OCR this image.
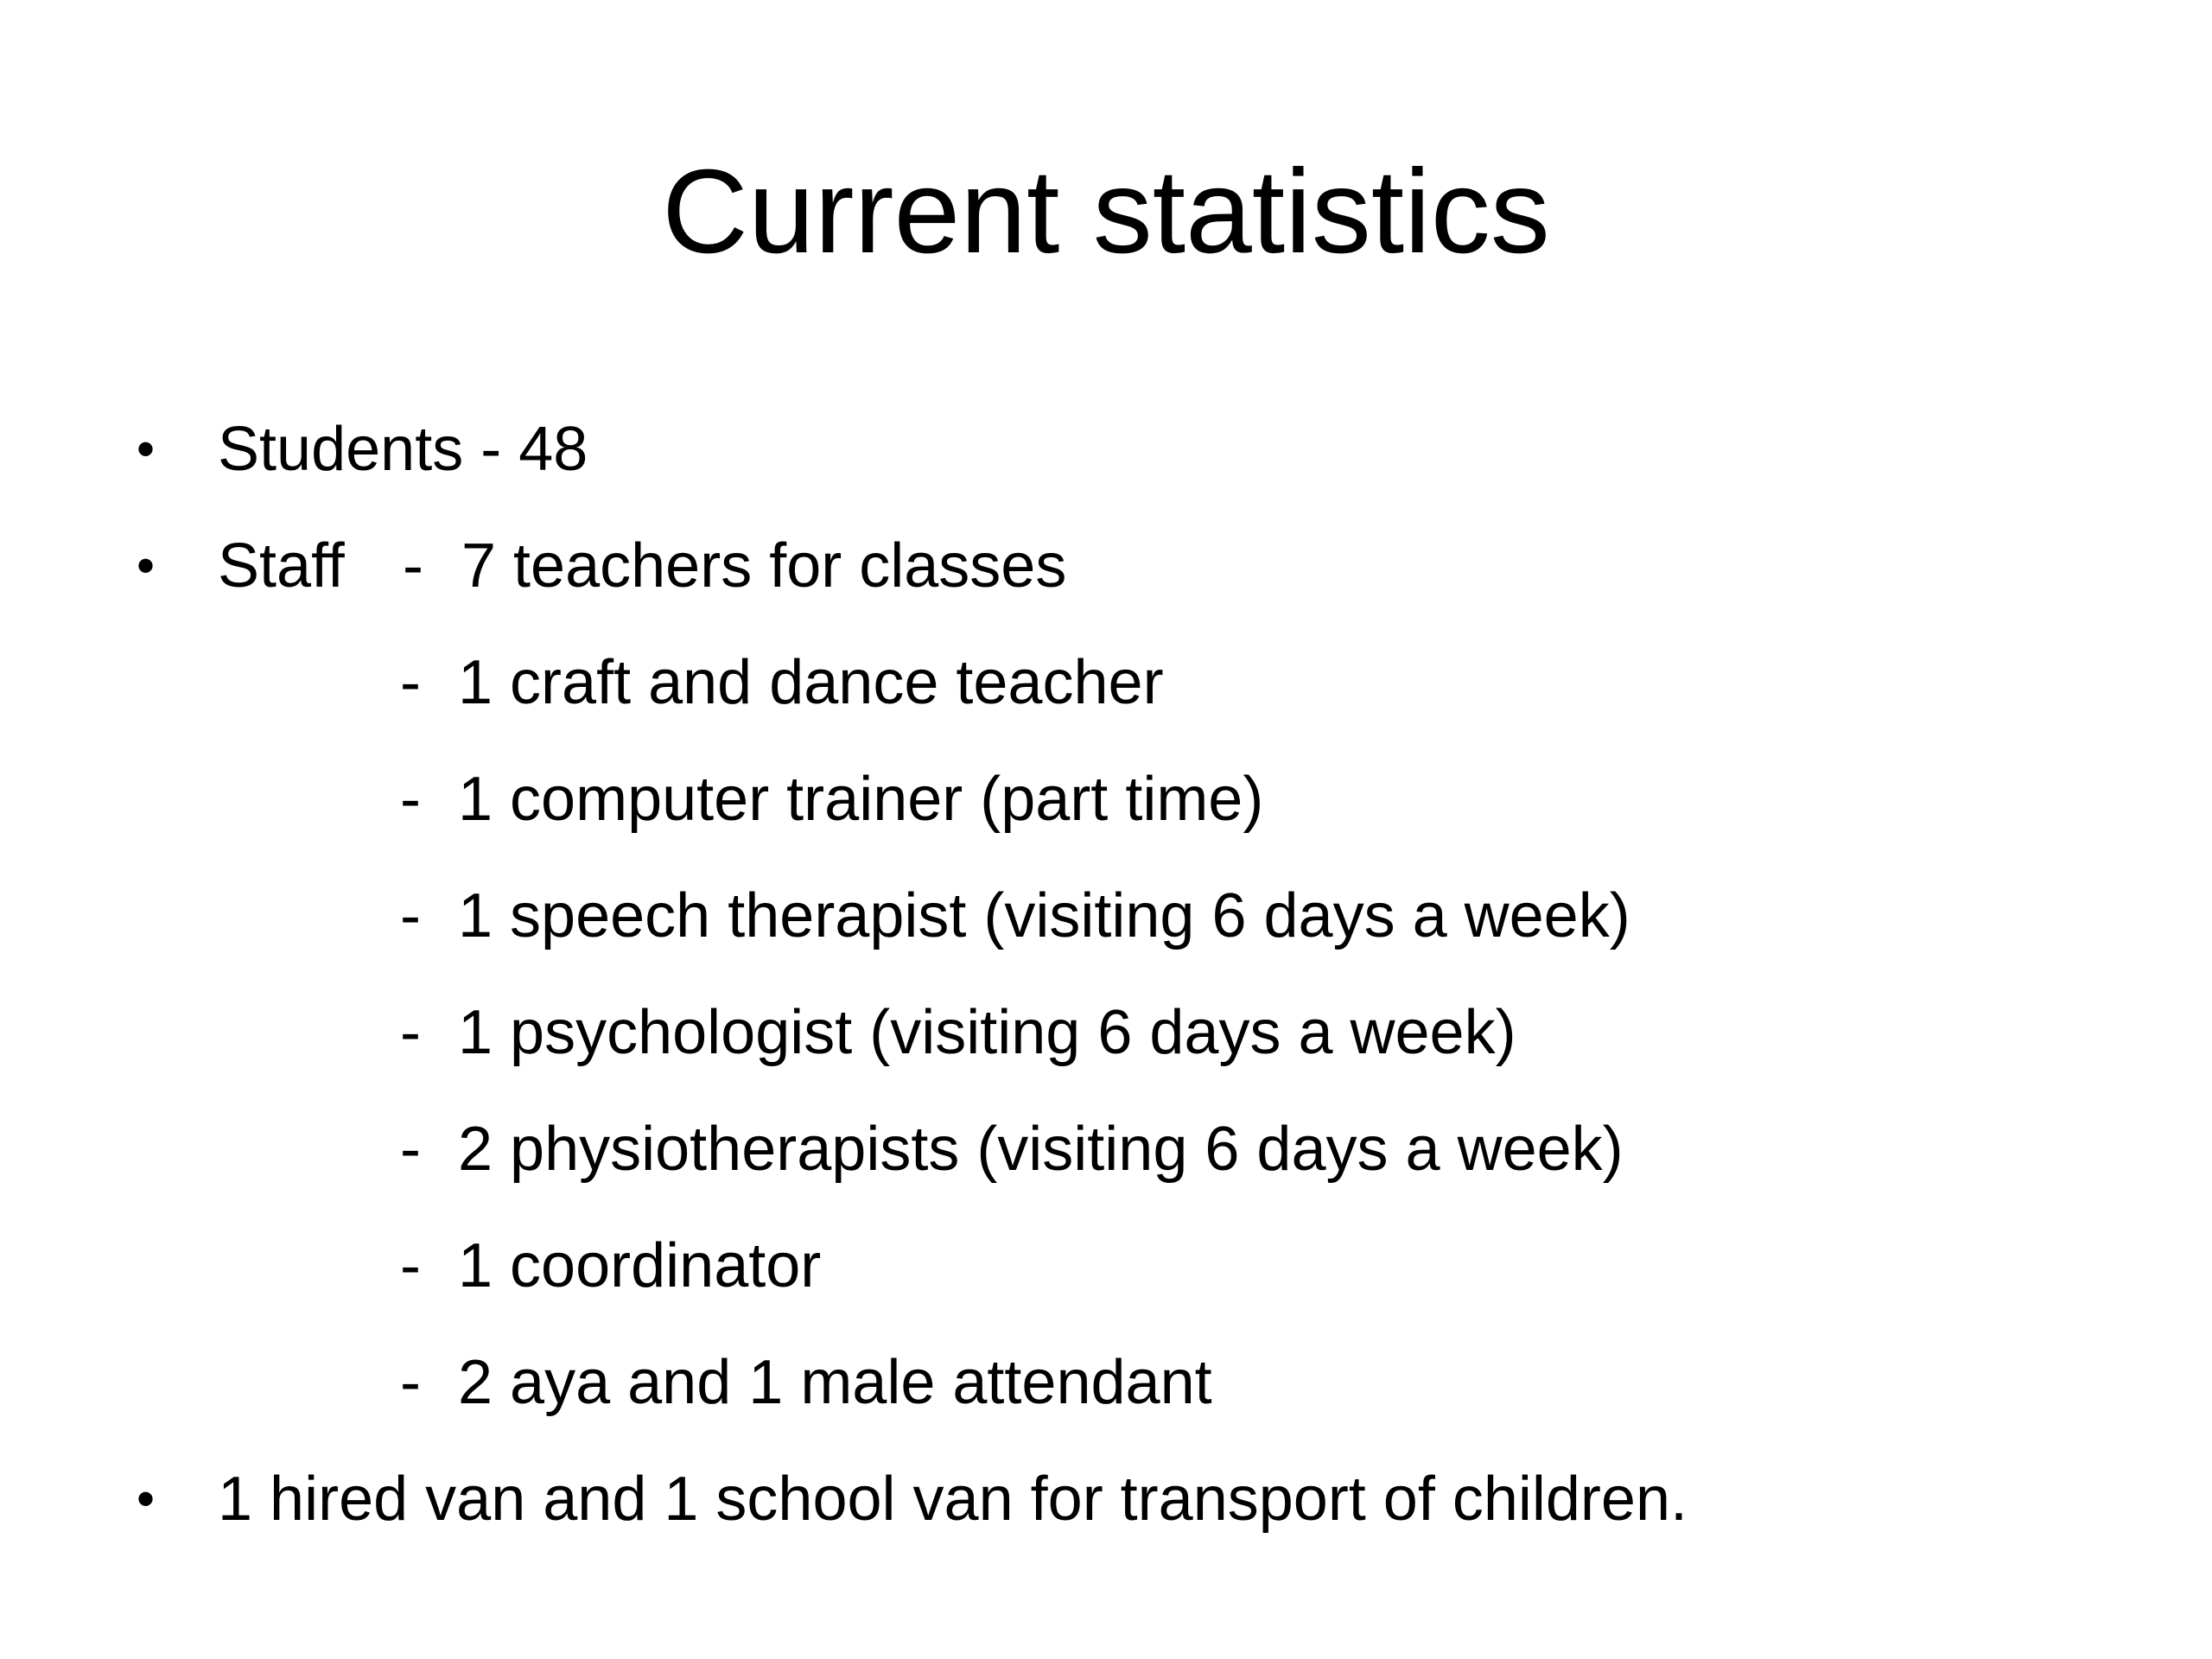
Current statistics
• Students - 48
• Staff - 7 teachers for classes
- 1 craft and dance teacher
- 1 computer trainer (part time)
- 1 speech therapist (visiting 6 days a week)
- 1 psychologist (visiting 6 days a week)
- 2 physiotherapists (visiting 6 days a week)
- 1 coordinator
- 2 aya and 1 male attendant
• 1 hired van and 1 school van for transport of children.
